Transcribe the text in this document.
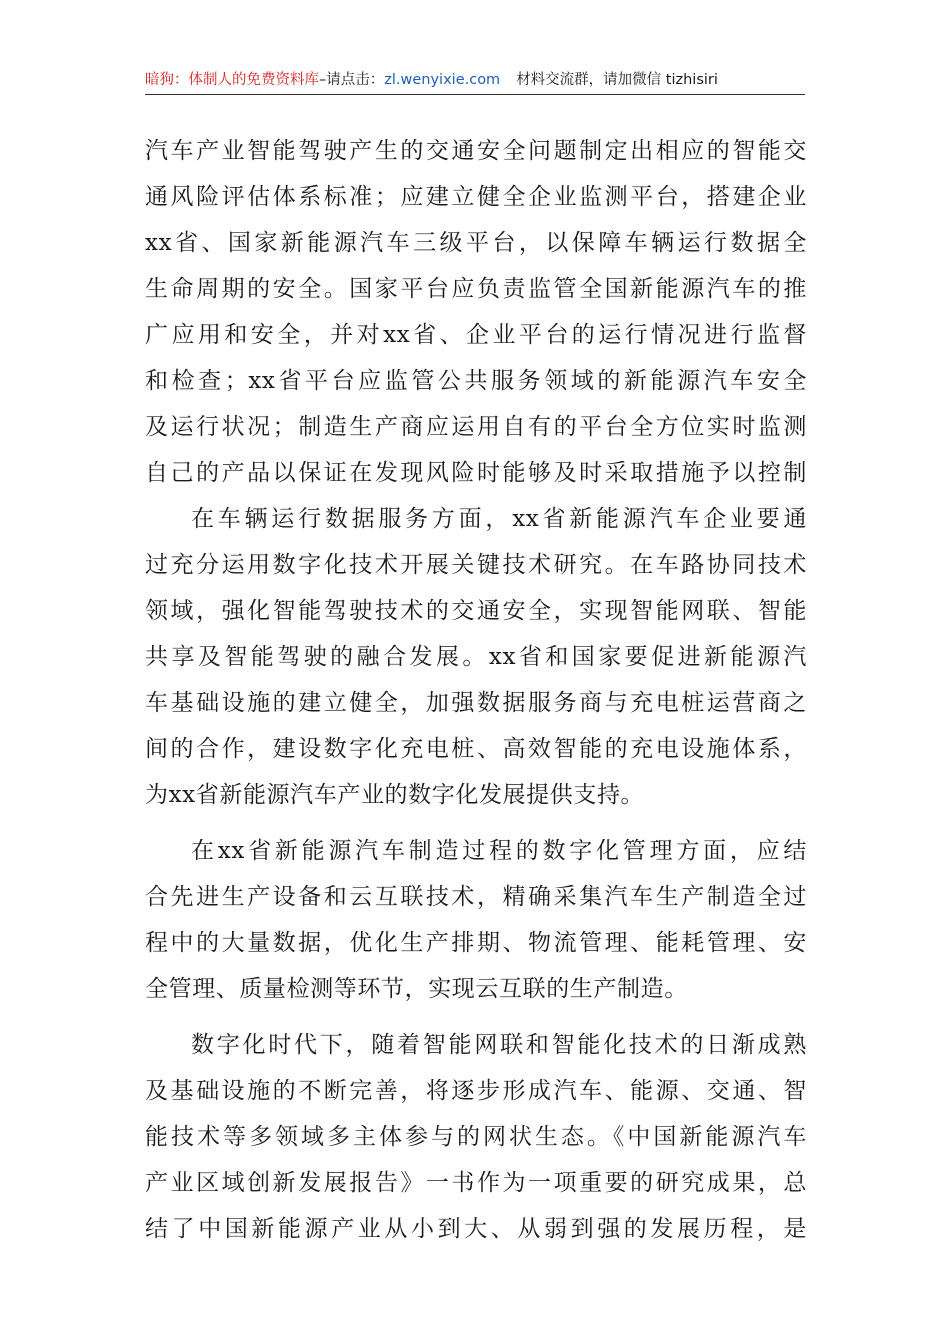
暗狗：体制人的免费资料库–请点击：zl.wenyixie.com 材料交流群，请加微信 tizhisiri

汽车产业智能驾驶产生的交通安全问题制定出相应的智能交

通风险评估体系标准；应建立健全企业监测平台，搭建企业

xx省、国家新能源汽车三级平台，以保障车辆运行数据全

生命周期的安全。国家平台应负责监管全国新能源汽车的推

广应用和安全，并对xx省、企业平台的运行情况进行监督

和检查；xx省平台应监管公共服务领域的新能源汽车安全

及运行状况；制造生产商应运用自有的平台全方位实时监测

自己的产品以保证在发现风险时能够及时采取措施予以控制

在车辆运行数据服务方面，xx省新能源汽车企业要通

过充分运用数字化技术开展关键技术研究。在车路协同技术

领域，强化智能驾驶技术的交通安全，实现智能网联、智能

共享及智能驾驶的融合发展。xx省和国家要促进新能源汽

车基础设施的建立健全，加强数据服务商与充电桩运营商之

间的合作，建设数字化充电桩、高效智能的充电设施体系，

为xx省新能源汽车产业的数字化发展提供支持。

在xx省新能源汽车制造过程的数字化管理方面，应结

合先进生产设备和云互联技术，精确采集汽车生产制造全过

程中的大量数据，优化生产排期、物流管理、能耗管理、安

全管理、质量检测等环节，实现云互联的生产制造。

数字化时代下，随着智能网联和智能化技术的日渐成熟

及基础设施的不断完善，将逐步形成汽车、能源、交通、智

能技术等多领域多主体参与的网状生态。《中国新能源汽车

产业区域创新发展报告》一书作为一项重要的研究成果，总

结了中国新能源产业从小到大、从弱到强的发展历程，是
